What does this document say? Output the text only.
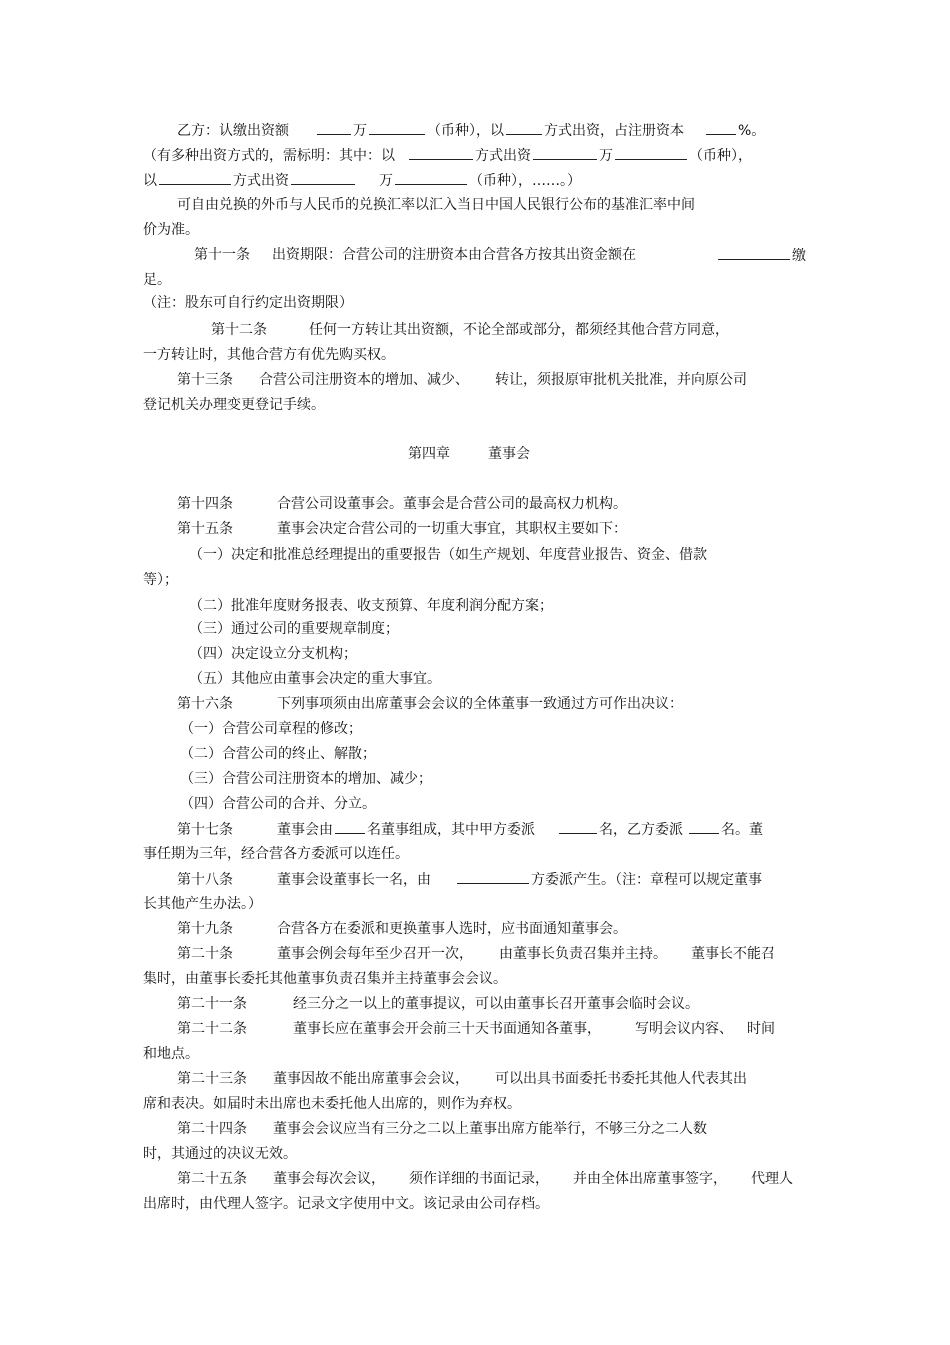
乙方：认缴出资额	万	（币种），以	方式出资，占注册资本	%。
（有多种出资方式的，需标明：其中：以	方式出资	万	（币种），
以	方式出资	万	（币种），……。）
可自由兑换的外币与人民币的兑换汇率以汇入当日中国人民银行公布的基准汇率中间
价为准。
第十一条 出资期限：合营公司的注册资本由合营各方按其出资金额在	缴
足。
（注：股东可自行约定出资期限）
第十二条	任何一方转让其出资额，不论全部或部分，都须经其他合营方同意，
一方转让时，其他合营方有优先购买权。
第十三条 合营公司注册资本的增加、减少、 转让，须报原审批机关批准，并向原公司
登记机关办理变更登记手续。
第四章	董事会
第十四条	合营公司设董事会。董事会是合营公司的最高权力机构。
第十五条	董事会决定合营公司的一切重大事宜，其职权主要如下：
（一）决定和批准总经理提出的重要报告（如生产规划、年度营业报告、资金、借款
等）；
（二）批准年度财务报表、收支预算、年度利润分配方案；
（三）通过公司的重要规章制度；
（四）决定设立分支机构；
（五）其他应由董事会决定的重大事宜。
第十六条	下列事项须由出席董事会会议的全体董事一致通过方可作出决议：
（一）合营公司章程的修改；
（二）合营公司的终止、解散；
（三）合营公司注册资本的增加、减少；
（四）合营公司的合并、分立。
第十七条	董事会由 名董事组成，其中甲方委派	名，乙方委派	名。董
事任期为三年，经合营各方委派可以连任。
第十八条	董事会设董事长一名，由	方委派产生。（注：章程可以规定董事
长其他产生办法。）
第十九条	合营各方在委派和更换董事人选时，应书面通知董事会。
第二十条	董事会例会每年至少召开一次， 由董事长负责召集并主持。 董事长不能召
集时，由董事长委托其他董事负责召集并主持董事会会议。
第二十一条	经三分之一以上的董事提议，可以由董事长召开董事会临时会议。
第二十二条	董事长应在董事会开会前三十天书面通知各董事， 写明会议内容、 时间
和地点。
第二十三条 董事因故不能出席董事会会议， 可以出具书面委托书委托其他人代表其出
席和表决。如届时未出席也未委托他人出席的，则作为弃权。
第二十四条 董事会会议应当有三分之二以上董事出席方能举行，不够三分之二人数
时，其通过的决议无效。
第二十五条 董事会每次会议， 须作详细的书面记录， 并由全体出席董事签字， 代理人
出席时，由代理人签字。记录文字使用中文。该记录由公司存档。
